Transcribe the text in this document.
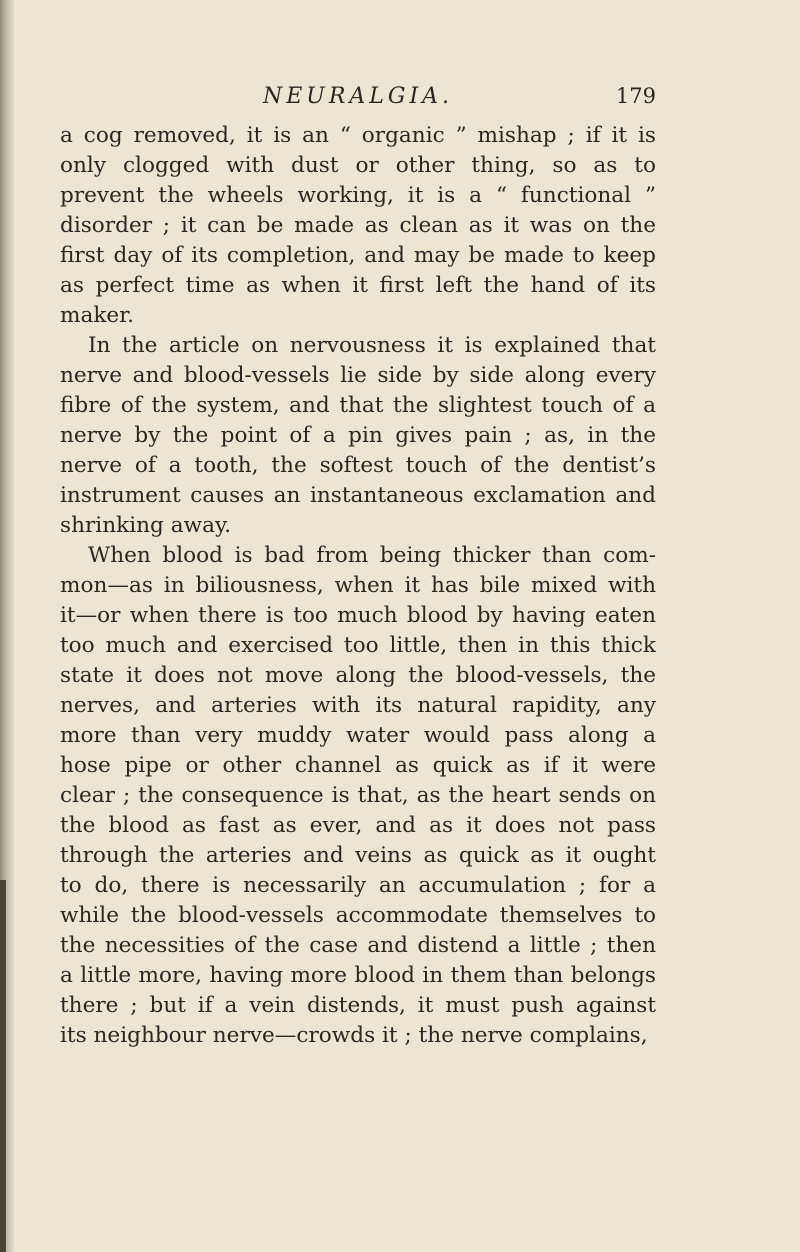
NEURALGIA.	179
a cog removed, it is an “ organic ” mishap ; if it is
only clogged with dust or other thing, so as to
prevent the wheels working, it is a “ functional ”
disorder ; it can be made as clean as it was on the
first day of its completion, and may be made to keep
as perfect time as when it first left the hand of its
maker.
In the article on nervousness it is explained that
nerve and blood-vessels lie side by side along every
fibre of the system, and that the slightest touch of a
nerve by the point of a pin gives pain ; as, in the
nerve of a tooth, the softest touch of the dentist’s
instrument causes an instantaneous exclamation and
shrinking away.
When blood is bad from being thicker than com-
mon—as in biliousness, when it has bile mixed with
it—or when there is too much blood by having eaten
too much and exercised too little, then in this thick
state it does not move along the blood-vessels, the
nerves, and arteries with its natural rapidity, any
more than very muddy water would pass along a
hose pipe or other channel as quick as if it were
clear ; the consequence is that, as the heart sends on
the blood as fast as ever, and as it does not pass
through the arteries and veins as quick as it ought
to do, there is necessarily an accumulation ; for a
while the blood-vessels accommodate themselves to
the necessities of the case and distend a little ; then
a little more, having more blood in them than belongs
there ; but if a vein distends, it must push against
its neighbour nerve—crowds it ; the nerve complains,
